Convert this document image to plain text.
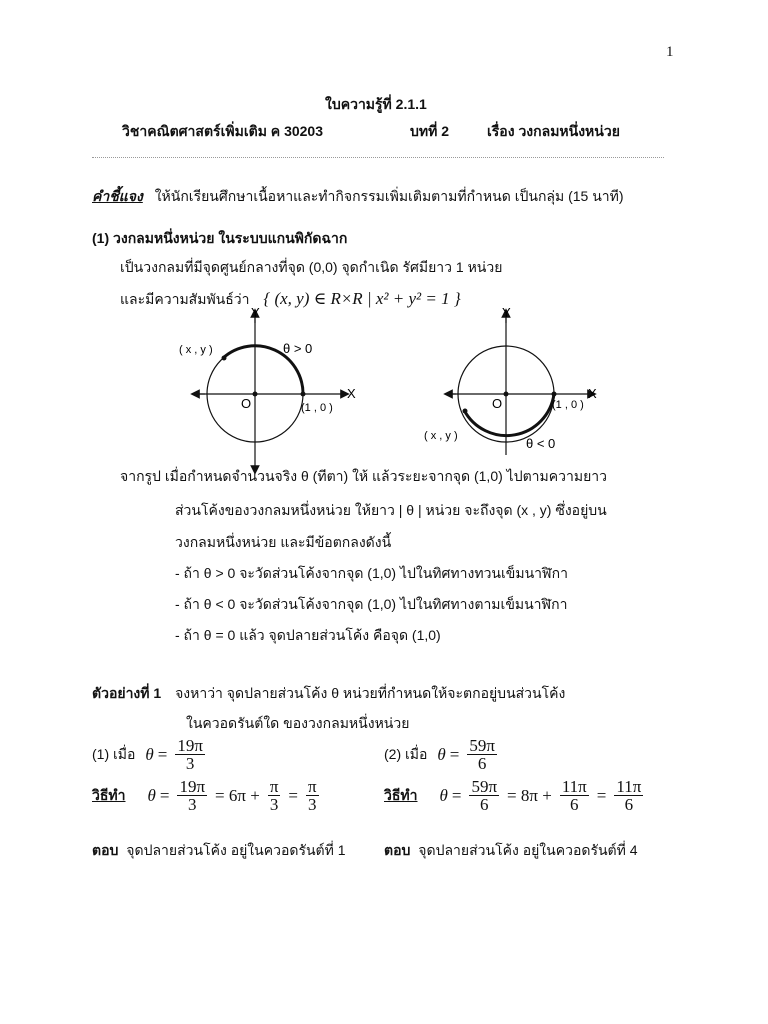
1
ใบความรู้ที่ 2.1.1
วิชาคณิตศาสตร์เพิ่มเติม ค 30203	บทที่ 2	เรื่อง วงกลมหนึ่งหน่วย
คำชี้แจง ให้นักเรียนศึกษาเนื้อหาและทำกิจกรรมเพิ่มเติมตามที่กำหนด เป็นกลุ่ม (15 นาที)
(1) วงกลมหนึ่งหน่วย ในระบบแกนพิกัดฉาก
เป็นวงกลมที่มีจุดศูนย์กลางที่จุด (0,0) จุดกำเนิด รัศมียาว 1 หน่วย
และมีความสัมพันธ์ว่า { (x, y) ∈ R×R | x² + y² = 1 }
Y
X
O	(1 , 0 )
( x , y )	θ > 0
Y
X
O	(1 , 0 )
( x , y )	θ < 0
จากรูป เมื่อกำหนดจำนวนจริง θ (ทีตา) ให้ แล้วระยะจากจุด (1,0) ไปตามความยาว
ส่วนโค้งของวงกลมหนึ่งหน่วย ให้ยาว | θ | หน่วย จะถึงจุด (x , y) ซึ่งอยู่บน
วงกลมหนึ่งหน่วย และมีข้อตกลงดังนี้
- ถ้า θ > 0 จะวัดส่วนโค้งจากจุด (1,0) ไปในทิศทางทวนเข็มนาฬิกา
- ถ้า θ < 0 จะวัดส่วนโค้งจากจุด (1,0) ไปในทิศทางตามเข็มนาฬิกา
- ถ้า θ = 0 แล้ว จุดปลายส่วนโค้ง คือจุด (1,0)
ตัวอย่างที่ 1 จงหาว่า จุดปลายส่วนโค้ง θ หน่วยที่กำหนดให้จะตกอยู่บนส่วนโค้ง
ในควอดรันต์ใด ของวงกลมหนึ่งหน่วย
(1) เมื่อ $\theta = \frac{19\pi}{3}$	(2) เมื่อ $\theta = \frac{59\pi}{6}$
วิธีทำ $\theta = \frac{19\pi}{3} = 6\pi + \frac{\pi}{3} = \frac{\pi}{3}$	วิธีทำ $\theta = \frac{59\pi}{6} = 8\pi + \frac{11\pi}{6} = \frac{11\pi}{6}$
ตอบ จุดปลายส่วนโค้ง อยู่ในควอดรันต์ที่ 1	ตอบ จุดปลายส่วนโค้ง อยู่ในควอดรันต์ที่ 4
